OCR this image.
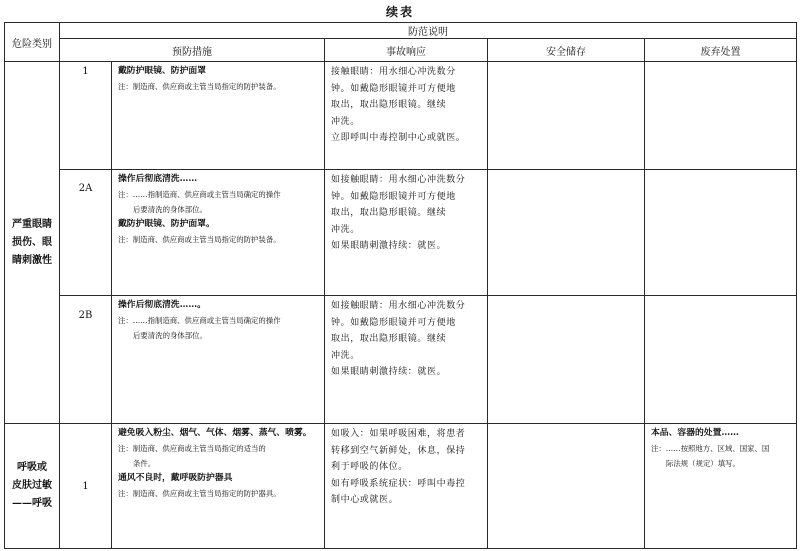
续表
危险类别	防范说明				
	预防措施		事故响应	安全储存	废弃处置

严重眼睛
损伤、眼
睛刺激性	1	戴防护眼镜、防护面罩
注：制造商、供应商或主管当局指定的防护装备。	接触眼睛：用水细心冲洗数分
钟。如戴隐形眼镜并可方便地
取出，取出隐形眼镜。继续
冲洗。
立即呼叫中毒控制中心或就医。		

	2A	操作后彻底清洗……
注：……指制造商、供应商或主管当局确定的操作
后要清洗的身体部位。
戴防护眼镜、防护面罩。
注：制造商、供应商或主管当局指定的防护装备。	如接触眼睛：用水细心冲洗数分
钟。如戴隐形眼镜并可方便地
取出，取出隐形眼镜。继续
冲洗。
如果眼睛刺激持续：就医。		

	2B	操作后彻底清洗……。
注：……指制造商、供应商或主管当局确定的操作
后要清洗的身体部位。	如接触眼睛：用水细心冲洗数分
钟。如戴隐形眼镜并可方便地
取出，取出隐形眼镜。继续
冲洗。
如果眼睛刺激持续：就医。		

呼吸或
皮肤过敏
——呼吸	1	避免吸入粉尘、烟气、气体、烟雾、蒸气、喷雾。
注：制造商、供应商或主管当局指定的适当的
条件。
通风不良时，戴呼吸防护器具
注：制造商、供应商或主管当局指定的防护器具。	如吸入：如果呼吸困难，将患者
转移到空气新鲜处，休息，保持
利于呼吸的体位。
如有呼吸系统症状：呼叫中毒控
制中心或就医。		本品、容器的处置……
注：……按照地方、区域、国家、国
际法规（规定）填写。
